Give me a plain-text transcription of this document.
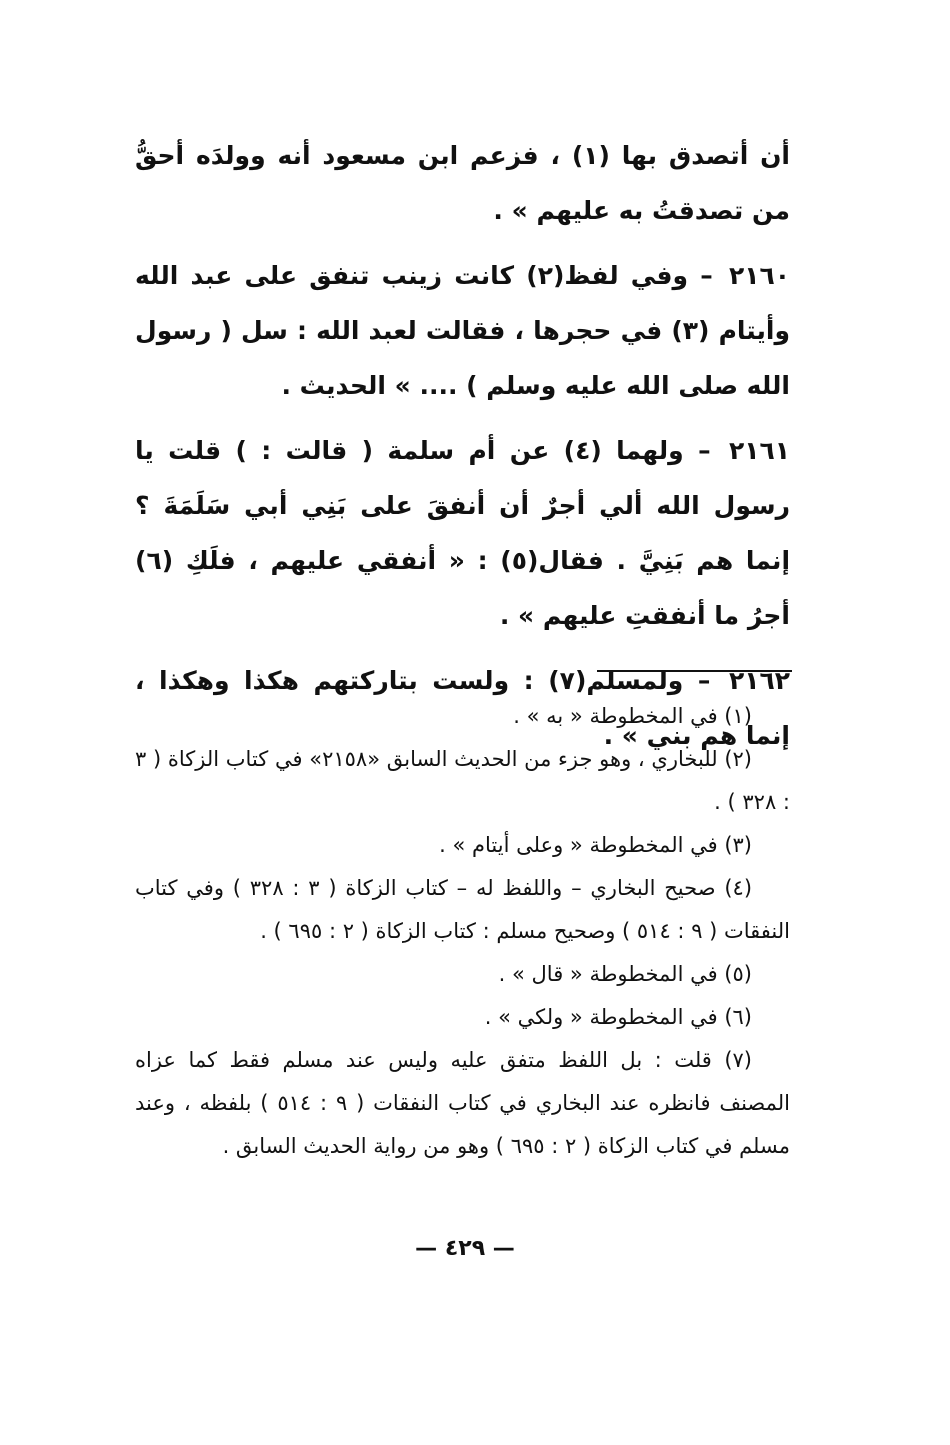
أن أتصدق بها (١) ، فزعم ابن مسعود أنه وولدَه أحقُّ من تصدقتُ به عليهم » .

٢١٦٠ – وفي لفظ(٢) كانت زينب تنفق على عبد الله وأيتام (٣) في حجرها ، فقالت لعبد الله : سل ( رسول الله صلى الله عليه وسلم ) .... » الحديث .

٢١٦١ – ولهما (٤) عن أم سلمة ( قالت : ) قلت يا رسول الله ألي أجرٌ أن أنفقَ على بَنِي أبي سَلَمَةَ ؟ إنما هم بَنِيَّ . فقال(٥) : « أنفقي عليهم ، فلَكِ (٦) أجرُ ما أنفقتِ عليهم » .

٢١٦٢ – ولمسلم(٧) : ولست بتاركتهم هكذا وهكذا ، إنما هم بني » .

(١) في المخطوطة « به » .

(٢) للبخاري ، وهو جزء من الحديث السابق «٢١٥٨» في كتاب الزكاة ( ٣ : ٣٢٨ ) .

(٣) في المخطوطة « وعلى أيتام » .

(٤) صحيح البخاري – واللفظ له – كتاب الزكاة ( ٣ : ٣٢٨ ) وفي كتاب النفقات ( ٩ : ٥١٤ ) وصحيح مسلم : كتاب الزكاة ( ٢ : ٦٩٥ ) .

(٥) في المخطوطة « قال » .

(٦) في المخطوطة « ولكي » .

(٧) قلت : بل اللفظ متفق عليه وليس عند مسلم فقط كما عزاه المصنف فانظره عند البخاري في كتاب النفقات ( ٩ : ٥١٤ ) بلفظه ، وعند مسلم في كتاب الزكاة ( ٢ : ٦٩٥ ) وهو من رواية الحديث السابق .

— ٤٢٩ —
